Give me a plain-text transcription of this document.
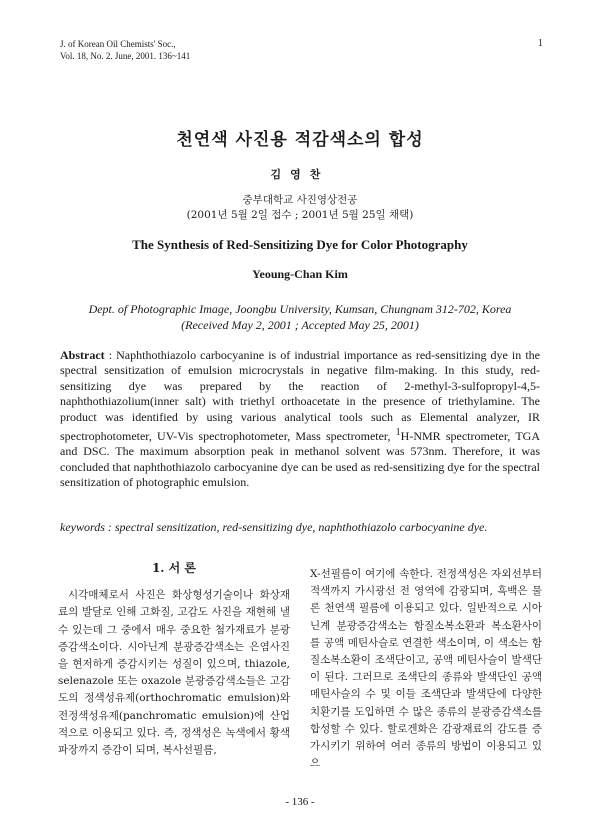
J. of Korean Oil Chemists' Soc.,
Vol. 18, No. 2. June, 2001. 136~141
1
천연색 사진용 적감색소의 합성
김영찬
중부대학교 사진영상전공
(2001년 5월 2일 접수 ; 2001년 5월 25일 채택)
The Synthesis of Red-Sensitizing Dye for Color Photography
Yeoung-Chan Kim
Dept. of Photographic Image, Joongbu University, Kumsan, Chungnam 312-702, Korea
(Received May 2, 2001 ; Accepted May 25, 2001)
Abstract : Naphthothiazolo carbocyanine is of industrial importance as red-sensitizing dye in the spectral sensitization of emulsion microcrystals in negative film-making. In this study, red-sensitizing dye was prepared by the reaction of 2-methyl-3-sulfopropyl-4,5-naphthothiazolium(inner salt) with triethyl orthoacetate in the presence of triethylamine. The product was identified by using various analytical tools such as Elemental analyzer, IR spectrophotometer, UV-Vis spectrophotometer, Mass spectrometer, $^1$H-NMR spectrometer, TGA and DSC. The maximum absorption peak in methanol solvent was 573nm. Therefore, it was concluded that naphthothiazolo carbocyanine dye can be used as red-sensitizing dye for the spectral sensitization of photographic emulsion.
keywords : spectral sensitization, red-sensitizing dye, naphthothiazolo carbocyanine dye.
1. 서 론

시각매체로서 사진은 화상형성기술이나 화상재료의 발달로 인해 고화질, 고감도 사진을 재현해 낼 수 있는데 그 중에서 매우 중요한 첨가재료가 분광증감색소이다. 시아닌계 분광증감색소는 은염사진을 현저하게 증감시키는 성질이 있으며, thiazole, selenazole 또는 oxazole 분광증감색소들은 고감도의 정색성유제(orthochromatic emulsion)와 전정색성유제(panchromatic emulsion)에 산업적으로 이용되고 있다. 즉, 정색성은 녹색에서 황색파장까지 증감이 되며, 복사선필름,

X-선필름이 여기에 속한다. 전정색성은 자외선부터 적색까지 가시광선 전 영역에 감광되며, 흑백은 물론 천연색 필름에 이용되고 있다. 일반적으로 시아닌계 분광증감색소는 함질소복소환과 복소환사이를 공액 메틴사슬로 연결한 색소이며, 이 색소는 함질소복소환이 조색단이고, 공액 메틴사슬이 발색단이 된다. 그러므로 조색단의 종류와 발색단인 공액 메틴사슬의 수 및 이들 조색단과 발색단에 다양한 치환기를 도입하면 수 많은 종류의 분광증감색소를 합성할 수 있다. 할로겐화은 감광재료의 감도를 증가시키기 위하여 여러 종류의 방법이 이용되고 있으

- 136 -
